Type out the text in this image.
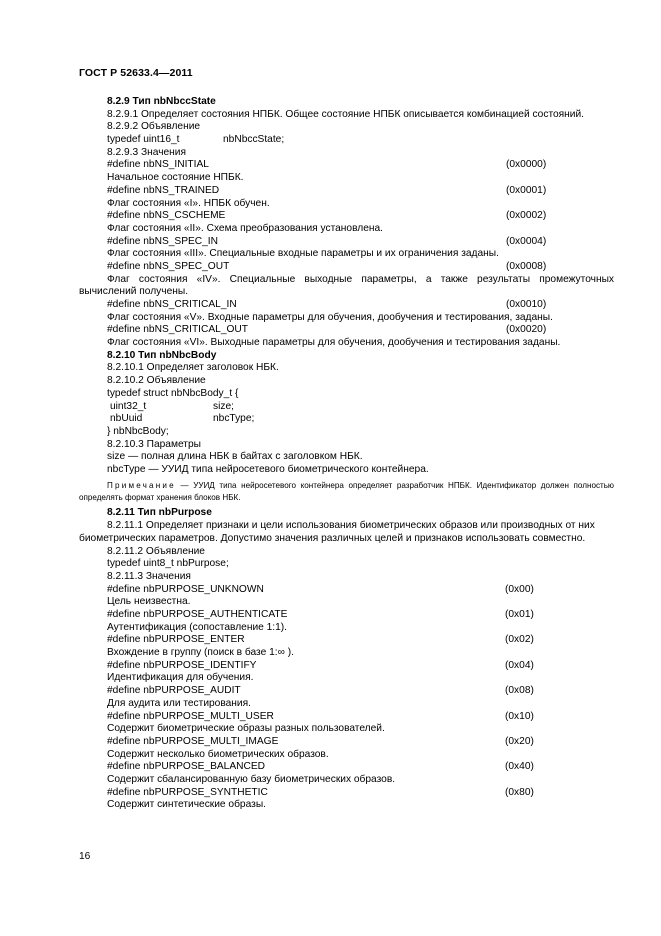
ГОСТ Р 52633.4—2011
8.2.9 Тип nbNbccState
8.2.9.1 Определяет состояния НПБК. Общее состояние НПБК описывается комбинацией состояний.
8.2.9.2 Объявление
typedef uint16_t	nbNbccState;
8.2.9.3 Значения
#define nbNS_INITIAL	(0x0000)
Начальное состояние НПБК.
#define nbNS_TRAINED	(0x0001)
Флаг состояния «I». НПБК обучен.
#define nbNS_CSCHEME	(0x0002)
Флаг состояния «II». Схема преобразования установлена.
#define nbNS_SPEC_IN	(0x0004)
Флаг состояния «III». Специальные входные параметры и их ограничения заданы.
#define nbNS_SPEC_OUT	(0x0008)
Флаг состояния «IV». Специальные выходные параметры, а также результаты промежуточных вычислений получены.
#define nbNS_CRITICAL_IN	(0x0010)
Флаг состояния «V». Входные параметры для обучения, дообучения и тестирования, заданы.
#define nbNS_CRITICAL_OUT	(0x0020)
Флаг состояния «VI». Выходные параметры для обучения, дообучения и тестирования заданы.
8.2.10 Тип nbNbcBody
8.2.10.1 Определяет заголовок НБК.
8.2.10.2 Объявление
typedef struct nbNbcBody_t {
uint32_t	size;
nbUuid	nbcType;
} nbNbcBody;
8.2.10.3 Параметры
size — полная длина НБК в байтах с заголовком НБК.
nbcType — УУИД типа нейросетевого биометрического контейнера.
Примечание — УУИД типа нейросетевого контейнера определяет разработчик НПБК. Идентификатор должен полностью определять формат хранения блоков НБК.
8.2.11 Тип nbPurpose
8.2.11.1 Определяет признаки и цели использования биометрических образов или производных от них биометрических параметров. Допустимо значения различных целей и признаков использовать совместно.
8.2.11.2 Объявление
typedef uint8_t nbPurpose;
8.2.11.3 Значения
#define nbPURPOSE_UNKNOWN	(0x00)
Цель неизвестна.
#define nbPURPOSE_AUTHENTICATE	(0x01)
Аутентификация (сопоставление 1:1).
#define nbPURPOSE_ENTER	(0x02)
Вхождение в группу (поиск в базе 1:∞ ).
#define nbPURPOSE_IDENTIFY	(0x04)
Идентификация для обучения.
#define nbPURPOSE_AUDIT	(0x08)
Для аудита или тестирования.
#define nbPURPOSE_MULTI_USER	(0x10)
Содержит биометрические образы разных пользователей.
#define nbPURPOSE_MULTI_IMAGE	(0x20)
Содержит несколько биометрических образов.
#define nbPURPOSE_BALANCED	(0x40)
Содержит сбалансированную базу биометрических образов.
#define nbPURPOSE_SYNTHETIC	(0x80)
Содержит синтетические образы.
16
